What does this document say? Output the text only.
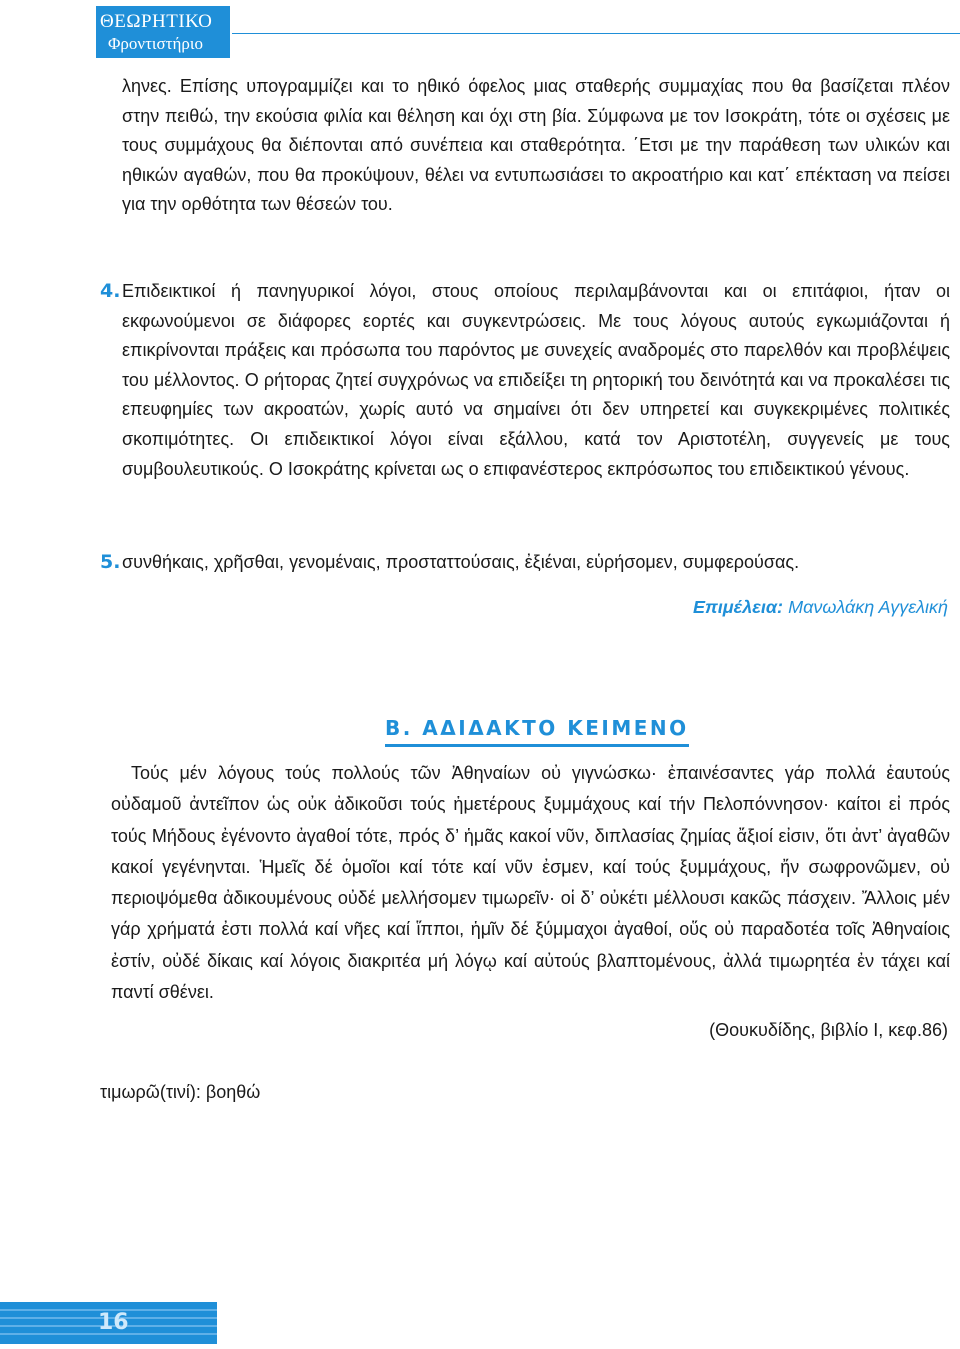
ΘΕΩΡΗΤΙΚΟ
Φροντιστήριο

ληνες. Επίσης υπογραμμίζει και το ηθικό όφελος μιας σταθερής συμμαχίας που θα βασίζεται πλέον στην πειθώ, την εκούσια φιλία και θέληση και όχι στη βία. Σύμφωνα με τον Ισοκράτη, τότε οι σχέσεις με τους συμμάχους θα διέπονται από συνέπεια και σταθερότητα. ΄Ετσι με την παράθεση των υλικών και ηθικών αγαθών, που θα προκύψουν, θέλει να εντυπωσιάσει το ακροατήριο και κατ΄ επέκταση να πείσει για την ορθότητα των θέσεών του.

4. Επιδεικτικοί ή πανηγυρικοί λόγοι, στους οποίους περιλαμβάνονται και οι επιτάφιοι, ήταν οι εκφωνούμενοι σε διάφορες εορτές και συγκεντρώσεις. Με τους λόγους αυτούς εγκωμιάζονται ή επικρίνονται πράξεις και πρόσωπα του παρόντος με συνεχείς αναδρομές στο παρελθόν και προβλέψεις του μέλλοντος. Ο ρήτορας ζητεί συγχρόνως να επιδείξει τη ρητορική του δεινότητά και να προκαλέσει τις επευφημίες των ακροατών, χωρίς αυτό να σημαίνει ότι δεν υπηρετεί και συγκεκριμένες πολιτικές σκοπιμότητες. Οι επιδεικτικοί λόγοι είναι εξάλλου, κατά τον Αριστοτέλη, συγγενείς με τους συμβουλευτικούς. Ο Ισοκράτης κρίνεται ως ο επιφανέστερος εκπρόσωπος του επιδεικτικού γένους.

5. συνθήκαις, χρῆσθαι, γενομέναις, προσταττούσαις, ἐξιέναι, εὑρήσομεν, συμφερούσας.

Επιμέλεια: Μανωλάκη Αγγελική
Β. ΑΔΙΔΑΚΤΟ ΚΕΙΜΕΝΟ

Τούς μέν λόγους τούς πολλούς τῶν Ἀθηναίων οὐ γιγνώσκω· ἐπαινέσαντες γάρ πολλά ἑαυτούς οὐδαμοῦ ἀντεῖπον ὡς οὐκ ἀδικοῦσι τούς ἡμετέρους ξυμμάχους καί τήν Πελοπόννησον· καίτοι εἰ πρός τούς Μήδους ἐγένοντο ἀγαθοί τότε, πρός δ’ ἡμᾶς κακοί νῦν, διπλασίας ζημίας ἄξιοί εἰσιν, ὅτι ἀντ’ ἀγαθῶν κακοί γεγένηνται. Ἡμεῖς δέ ὁμοῖοι καί τότε καί νῦν ἐσμεν, καί τούς ξυμμάχους, ἤν σωφρονῶμεν, οὐ περιοψόμεθα ἀδικουμένους οὐδέ μελλήσομεν τιμωρεῖν· οἱ δ’ οὐκέτι μέλλουσι κακῶς πάσχειν. Ἄλλοις μέν γάρ χρήματά ἐστι πολλά καί νῆες καί ἵπποι, ἡμῖν δέ ξύμμαχοι ἀγαθοί, οὕς οὐ παραδοτέα τοῖς Ἀθηναίοις ἐστίν, οὐδέ δίκαις καί λόγοις διακριτέα μή λόγῳ καί αὐτούς βλαπτομένους, ἀλλά τιμωρητέα ἐν τάχει καί παντί σθένει.

(Θουκυδίδης, βιβλίο Ι, κεφ.86)
τιμωρῶ(τινί): βοηθώ
16
